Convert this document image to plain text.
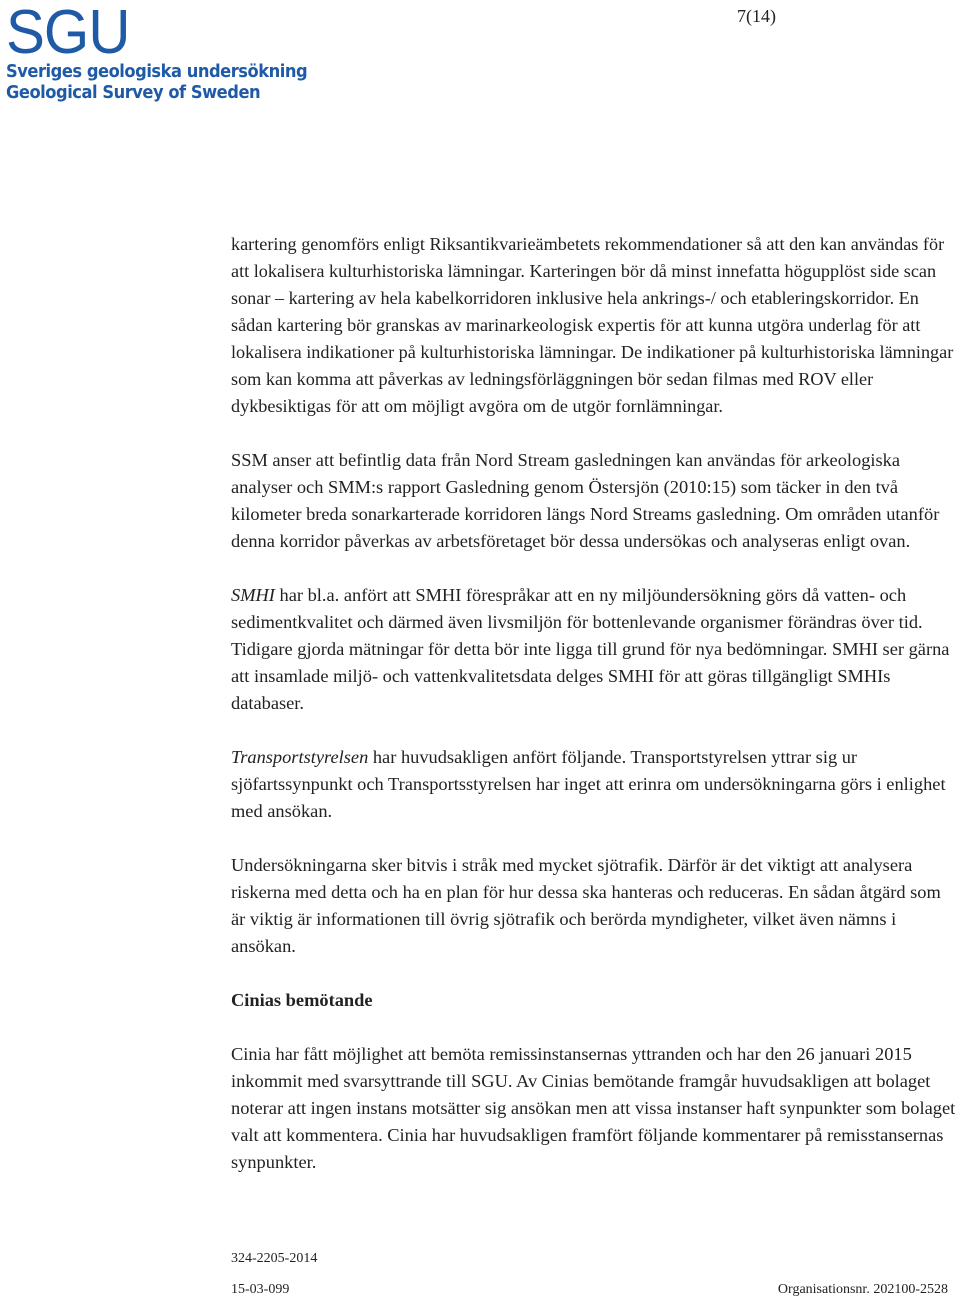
SGU
Sveriges geologiska undersökning
Geological Survey of Sweden
7(14)

kartering genomförs enligt Riksantikvarieämbetets rekommendationer så att den kan användas för att lokalisera kulturhistoriska lämningar. Karteringen bör då minst innefatta högupplöst side scan sonar – kartering av hela kabelkorridoren inklusive hela ankrings-/ och etableringskorridor. En sådan kartering bör granskas av marinarkeologisk expertis för att kunna utgöra underlag för att lokalisera indikationer på kulturhistoriska lämningar. De indikationer på kulturhistoriska lämningar som kan komma att påverkas av ledningsförläggningen bör sedan filmas med ROV eller dykbesiktigas för att om möjligt avgöra om de utgör fornlämningar.

SSM anser att befintlig data från Nord Stream gasledningen kan användas för arkeologiska analyser och SMM:s rapport Gasledning genom Östersjön (2010:15) som täcker in den två kilometer breda sonarkarterade korridoren längs Nord Streams gasledning. Om områden utanför denna korridor påverkas av arbetsföretaget bör dessa undersökas och analyseras enligt ovan.

SMHI har bl.a. anfört att SMHI förespråkar att en ny miljöundersökning görs då vatten- och sedimentkvalitet och därmed även livsmiljön för bottenlevande organismer förändras över tid. Tidigare gjorda mätningar för detta bör inte ligga till grund för nya bedömningar. SMHI ser gärna att insamlade miljö- och vattenkvalitetsdata delges SMHI för att göras tillgängligt SMHIs databaser.

Transportstyrelsen har huvudsakligen anfört följande. Transportstyrelsen yttrar sig ur sjöfartssynpunkt och Transportsstyrelsen har inget att erinra om undersökningarna görs i enlighet med ansökan.

Undersökningarna sker bitvis i stråk med mycket sjötrafik. Därför är det viktigt att analysera riskerna med detta och ha en plan för hur dessa ska hanteras och reduceras. En sådan åtgärd som är viktig är informationen till övrig sjötrafik och berörda myndigheter, vilket även nämns i ansökan.

Cinias bemötande

Cinia har fått möjlighet att bemöta remissinstansernas yttranden och har den 26 januari 2015 inkommit med svarsyttrande till SGU. Av Cinias bemötande framgår huvudsakligen att bolaget noterar att ingen instans motsätter sig ansökan men att vissa instanser haft synpunkter som bolaget valt att kommentera. Cinia har huvudsakligen framfört följande kommentarer på remisstansernas synpunkter.

324-2205-2014
15-03-099	Organisationsnr. 202100-2528
